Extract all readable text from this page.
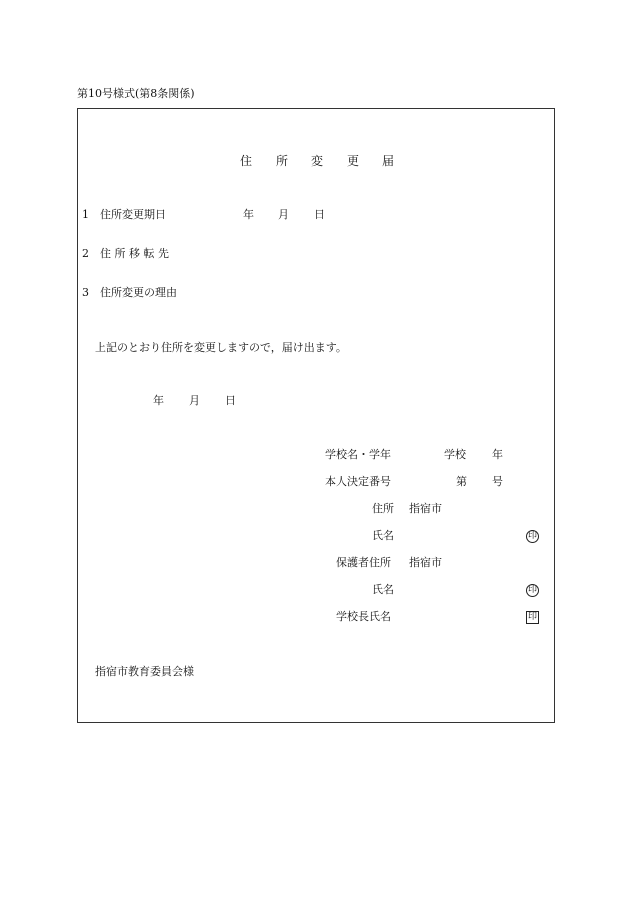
第10号様式(第8条関係)
住 所 変 更 届
1 住所変更期日	年 月 日
2 住 所 移 転 先
3 住所変更の理由
上記のとおり住所を変更しますので，届け出ます。
年 月 日
学校名・学年	学校 年
本人決定番号	第 号
住所 指宿市
氏名	印
保護者住所 指宿市
氏名	印
学校長氏名	印
指宿市教育委員会様
